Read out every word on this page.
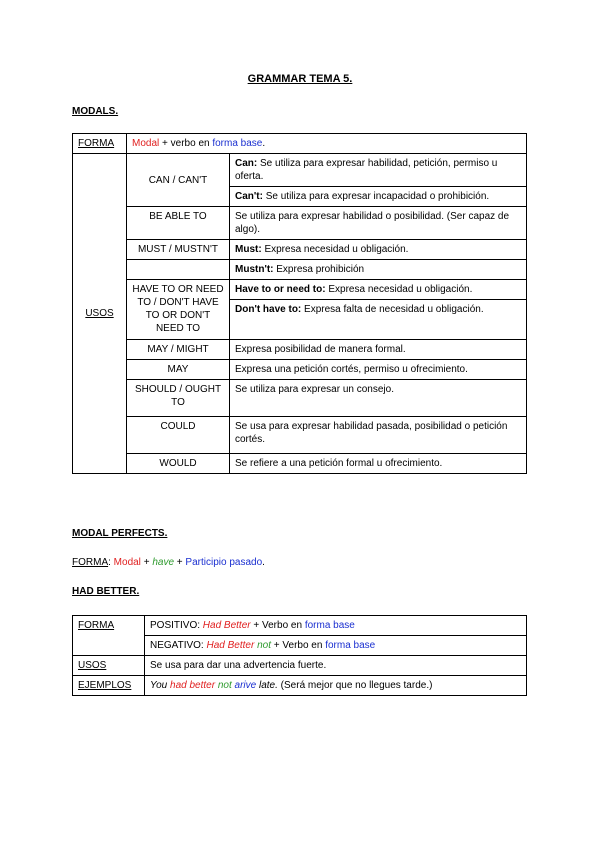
GRAMMAR TEMA 5.
MODALS.
FORMA	Modal + verbo en forma base.	
USOS	CAN / CAN'T	Can: Se utiliza para expresar habilidad, petición, permiso u oferta.
		Can't: Se utiliza para expresar incapacidad o prohibición.
	BE ABLE TO	Se utiliza para expresar habilidad o posibilidad. (Ser capaz de algo).
	MUST / MUSTN'T	Must: Expresa necesidad u obligación.
		Mustn't: Expresa prohibición
	HAVE TO OR NEED TO / DON'T HAVE TO OR DON'T NEED TO	Have to or need to: Expresa necesidad u obligación.
		Don't have to: Expresa falta de necesidad u obligación.
	MAY / MIGHT	Expresa posibilidad de manera formal.
	MAY	Expresa una petición cortés, permiso u ofrecimiento.
	SHOULD / OUGHT TO	Se utiliza para expresar un consejo.
	COULD	Se usa para expresar habilidad pasada, posibilidad o petición cortés.
	WOULD	Se refiere a una petición formal u ofrecimiento.
MODAL PERFECTS.
FORMA: Modal + have + Participio pasado.
HAD BETTER.
FORMA	POSITIVO: Had Better + Verbo en forma base
	NEGATIVO: Had Better not + Verbo en forma base
USOS	Se usa para dar una advertencia fuerte.
EJEMPLOS	You had better not arive late. (Será mejor que no llegues tarde.)
